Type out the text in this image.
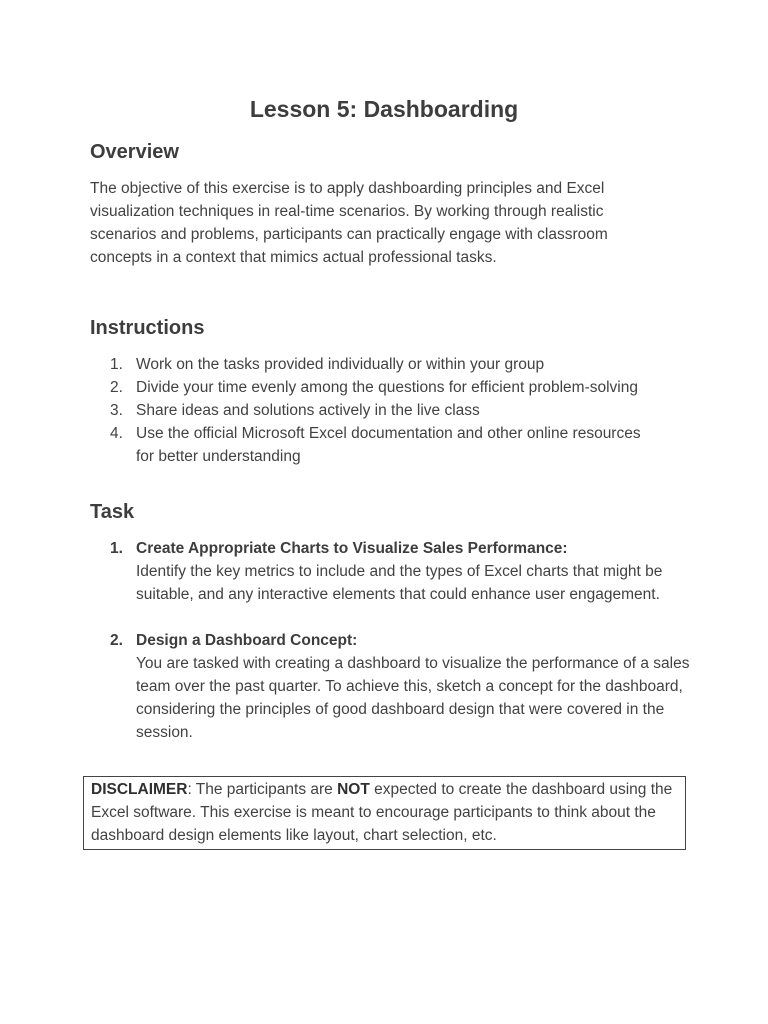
Lesson 5: Dashboarding
Overview

The objective of this exercise is to apply dashboarding principles and Excel visualization techniques in real-time scenarios. By working through realistic scenarios and problems, participants can practically engage with classroom concepts in a context that mimics actual professional tasks.

Instructions
1. Work on the tasks provided individually or within your group
2. Divide your time evenly among the questions for efficient problem-solving
3. Share ideas and solutions actively in the live class
4. Use the official Microsoft Excel documentation and other online resources for better understanding
Task
1. Create Appropriate Charts to Visualize Sales Performance:
Identify the key metrics to include and the types of Excel charts that might be suitable, and any interactive elements that could enhance user engagement.
2. Design a Dashboard Concept:
You are tasked with creating a dashboard to visualize the performance of a sales team over the past quarter. To achieve this, sketch a concept for the dashboard, considering the principles of good dashboard design that were covered in the session.
DISCLAIMER: The participants are NOT expected to create the dashboard using the Excel software. This exercise is meant to encourage participants to think about the dashboard design elements like layout, chart selection, etc.
